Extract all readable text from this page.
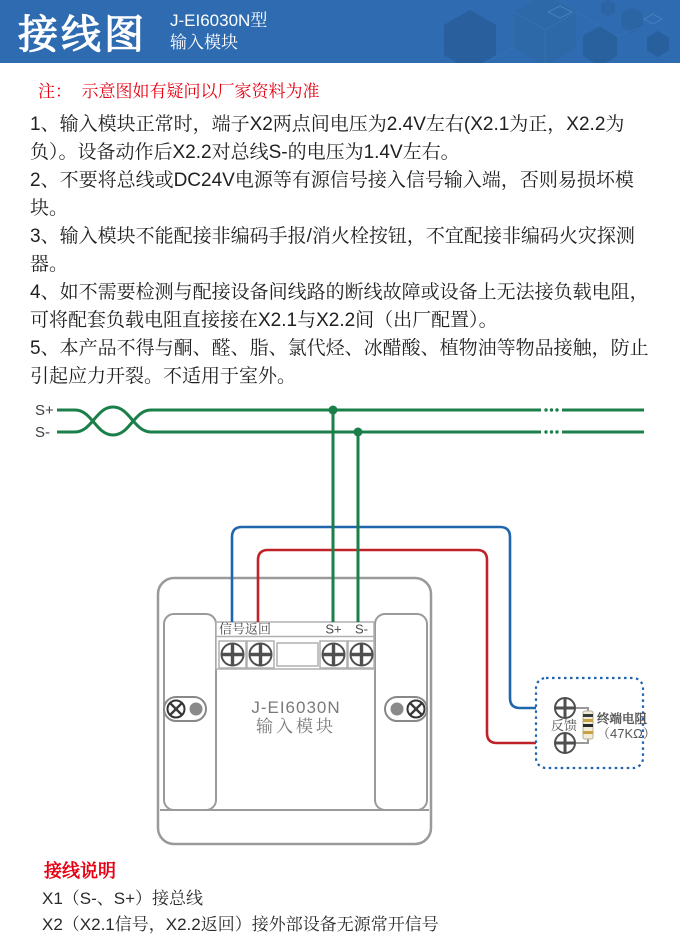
接线图 J-EI6030N型
输入模块
注：  示意图如有疑问以厂家资料为准

1、输入模块正常时，端子X2两点间电压为2.4V左右(X2.1为正，X2.2为负）。设备动作后X2.2对总线S-的电压为1.4V左右。

2、不要将总线或DC24V电源等有源信号接入信号输入端，否则易损坏模块。

3、输入模块不能配接非编码手报/消火栓按钮，不宜配接非编码火灾探测器。

4、如不需要检测与配接设备间线路的断线故障或设备上无法接负载电阻，可将配套负载电阻直接接在X2.1与X2.2间（出厂配置）。

5、本产品不得与酮、醛、脂、氯代烃、冰醋酸、植物油等物品接触，防止引起应力开裂。不适用于室外。

信号返回	S+ S-
J-EI6030N
输入模块
S+
S-
反馈 终端电阻
（47KΩ）
接线说明
X1（S-、S+）接总线
X2（X2.1信号，X2.2返回）接外部设备无源常开信号
